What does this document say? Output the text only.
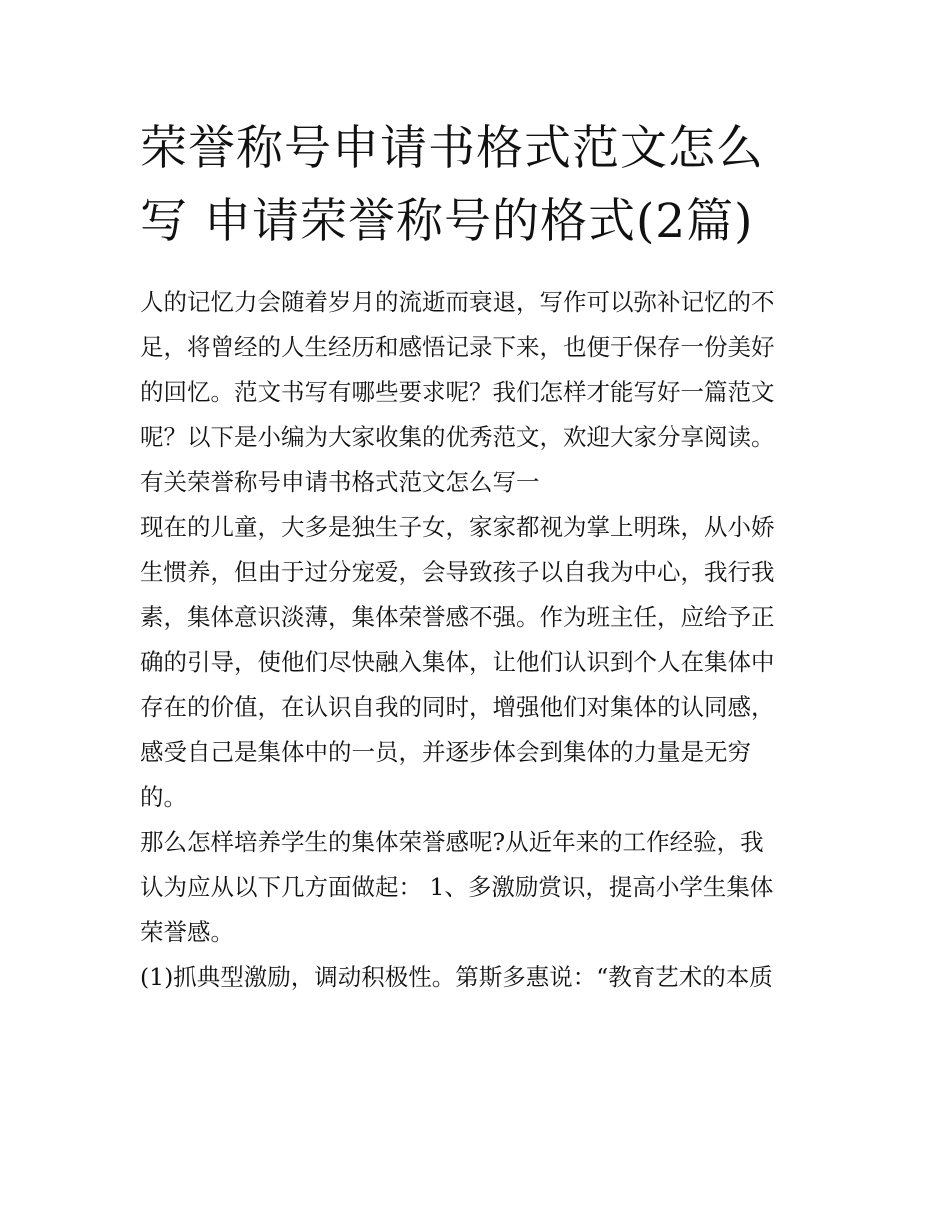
荣誉称号申请书格式范文怎么
写 申请荣誉称号的格式(2篇)

人的记忆力会随着岁月的流逝而衰退，写作可以弥补记忆的不
足，将曾经的人生经历和感悟记录下来，也便于保存一份美好
的回忆。范文书写有哪些要求呢？我们怎样才能写好一篇范文
呢？以下是小编为大家收集的优秀范文，欢迎大家分享阅读。

有关荣誉称号申请书格式范文怎么写一

现在的儿童，大多是独生子女，家家都视为掌上明珠，从小娇
生惯养，但由于过分宠爱，会导致孩子以自我为中心，我行我
素，集体意识淡薄，集体荣誉感不强。作为班主任，应给予正
确的引导，使他们尽快融入集体，让他们认识到个人在集体中
存在的价值，在认识自我的同时，增强他们对集体的认同感，
感受自己是集体中的一员，并逐步体会到集体的力量是无穷
的。

那么怎样培养学生的集体荣誉感呢?从近年来的工作经验，我
认为应从以下几方面做起： 1、多激励赏识，提高小学生集体
荣誉感。

(1)抓典型激励，调动积极性。第斯多惠说：“教育艺术的本质
